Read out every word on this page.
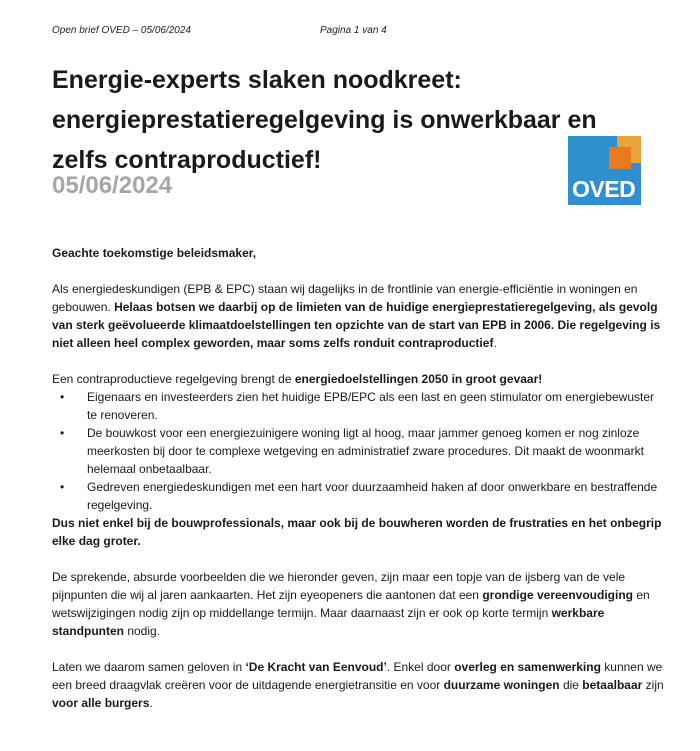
Open brief OVED – 05/06/2024	Pagina 1 van 4
Energie-experts slaken noodkreet: energieprestatieregelgeving is onwerkbaar en zelfs contraproductief!
05/06/2024	OVED

Geachte toekomstige beleidsmaker,

Als energiedeskundigen (EPB & EPC) staan wij dagelijks in de frontlinie van energie-efficiëntie in woningen en gebouwen. Helaas botsen we daarbij op de limieten van de huidige energieprestatieregelgeving, als gevolg van sterk geëvolueerde klimaatdoelstellingen ten opzichte van de start van EPB in 2006. Die regelgeving is niet alleen heel complex geworden, maar soms zelfs ronduit contraproductief.

Een contraproductieve regelgeving brengt de energiedoelstellingen 2050 in groot gevaar!

• Eigenaars en investeerders zien het huidige EPB/EPC als een last en geen stimulator om energiebewuster te renoveren.
• De bouwkost voor een energiezuinigere woning ligt al hoog, maar jammer genoeg komen er nog zinloze meerkosten bij door te complexe wetgeving en administratief zware procedures. Dit maakt de woonmarkt helemaal onbetaalbaar.
• Gedreven energiedeskundigen met een hart voor duurzaamheid haken af door onwerkbare en bestraffende regelgeving.

Dus niet enkel bij de bouwprofessionals, maar ook bij de bouwheren worden de frustraties en het onbegrip elke dag groter.

De sprekende, absurde voorbeelden die we hieronder geven, zijn maar een topje van de ijsberg van de vele pijnpunten die wij al jaren aankaarten. Het zijn eyeopeners die aantonen dat een grondige vereenvoudiging en wetswijzigingen nodig zijn op middellange termijn. Maar daarnaast zijn er ook op korte termijn werkbare standpunten nodig.

Laten we daarom samen geloven in ‘De Kracht van Eenvoud’. Enkel door overleg en samenwerking kunnen we een breed draagvlak creëren voor de uitdagende energietransitie en voor duurzame woningen die betaalbaar zijn voor alle burgers.
